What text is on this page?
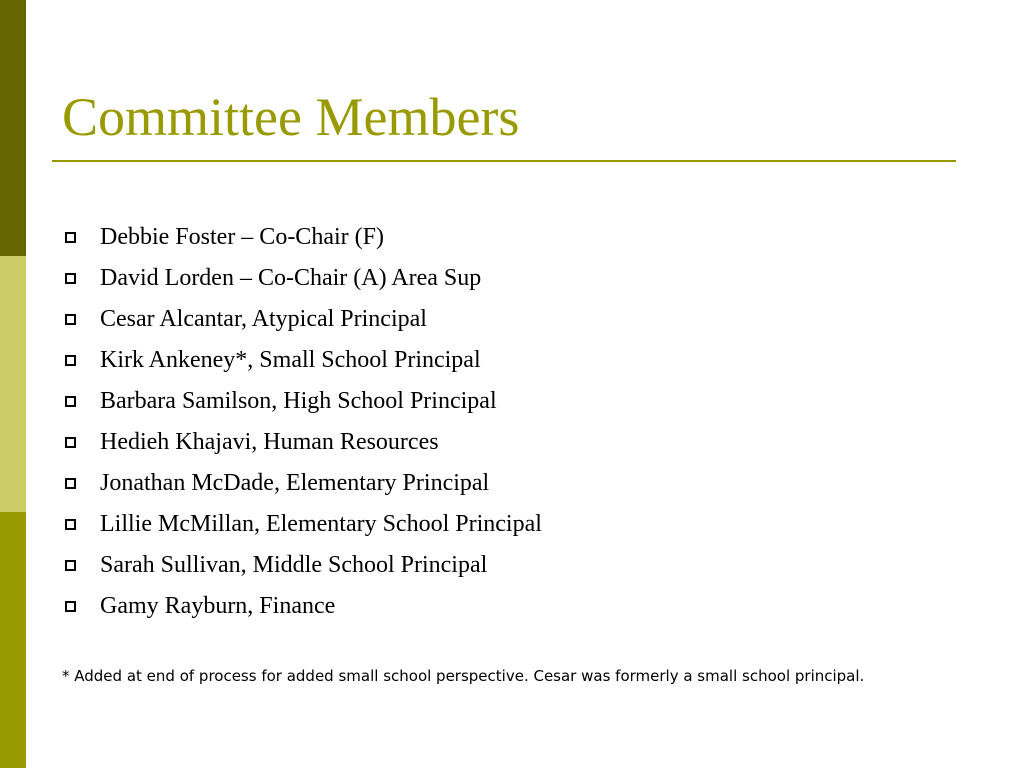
Committee Members
Debbie Foster – Co-Chair (F)
David Lorden – Co-Chair (A) Area Sup
Cesar Alcantar, Atypical Principal
Kirk Ankeney*, Small School Principal
Barbara Samilson, High School Principal
Hedieh Khajavi, Human Resources
Jonathan McDade, Elementary Principal
Lillie McMillan, Elementary School Principal
Sarah Sullivan, Middle School Principal
Gamy Rayburn, Finance

* Added at end of process for added small school perspective. Cesar was formerly a small school principal.
